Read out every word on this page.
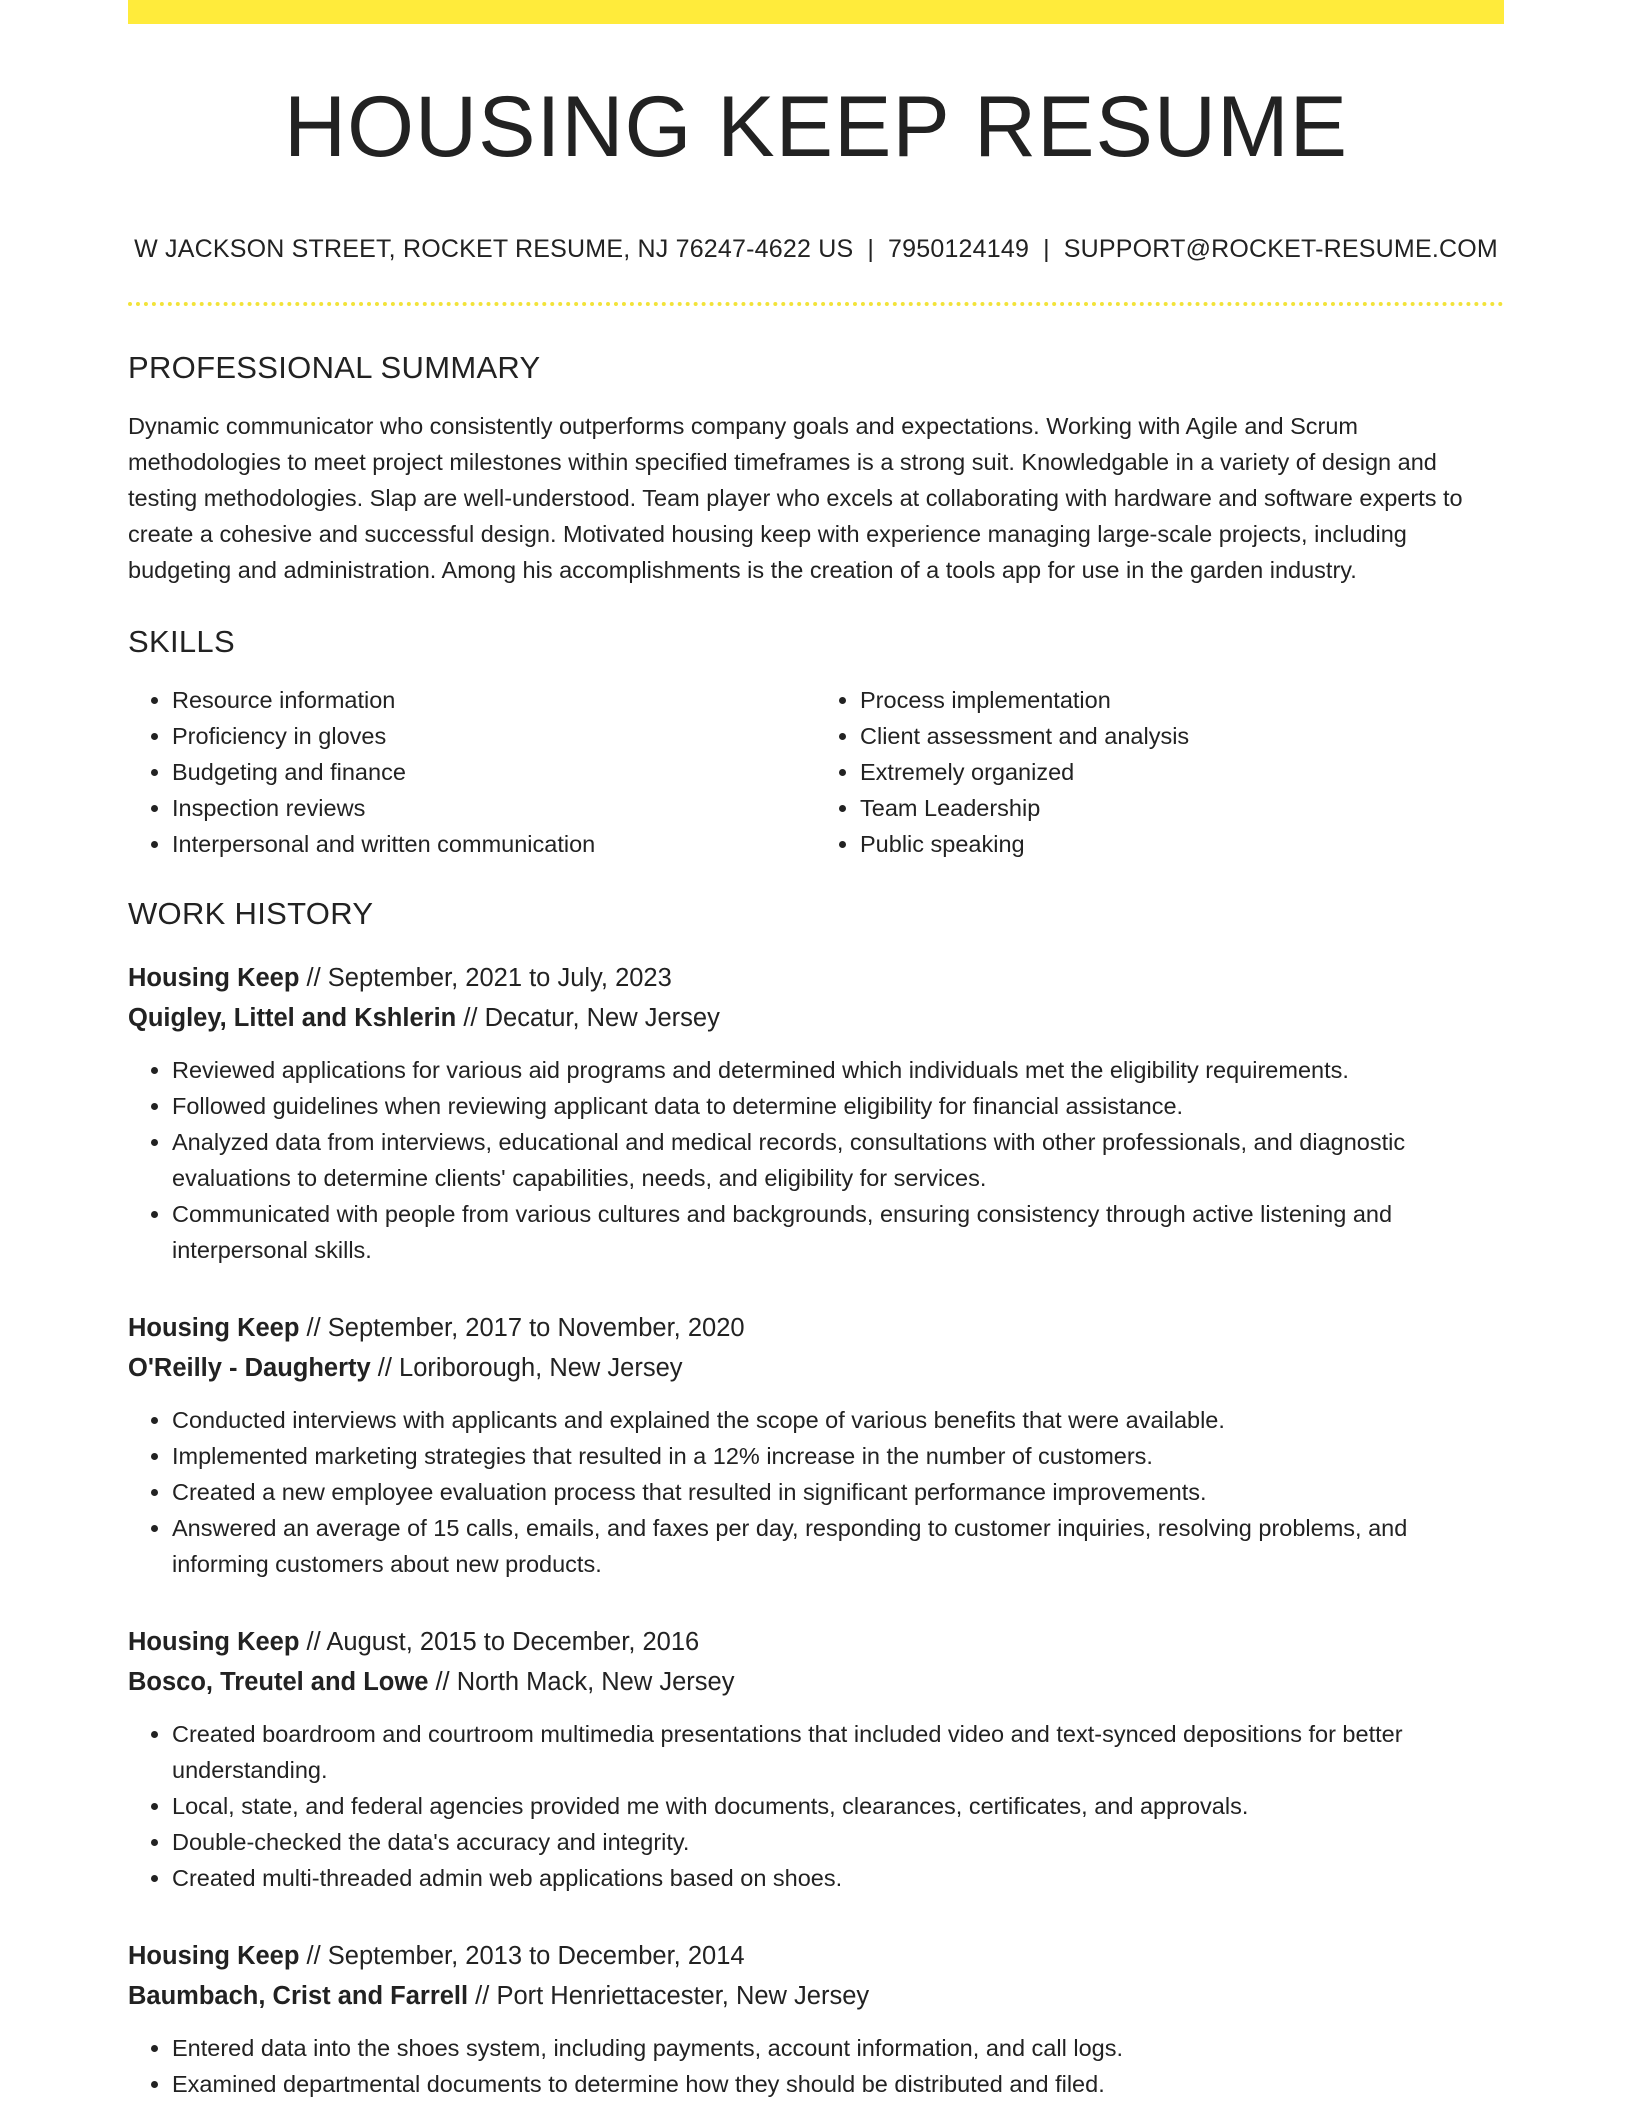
HOUSING KEEP RESUME
W JACKSON STREET, ROCKET RESUME, NJ 76247-4622 US | 7950124149 | SUPPORT@ROCKET-RESUME.COM
PROFESSIONAL SUMMARY
Dynamic communicator who consistently outperforms company goals and expectations. Working with Agile and Scrum methodologies to meet project milestones within specified timeframes is a strong suit. Knowledgable in a variety of design and testing methodologies. Slap are well-understood. Team player who excels at collaborating with hardware and software experts to create a cohesive and successful design. Motivated housing keep with experience managing large-scale projects, including budgeting and administration. Among his accomplishments is the creation of a tools app for use in the garden industry.
SKILLS
• Resource information
• Proficiency in gloves
• Budgeting and finance
• Inspection reviews
• Interpersonal and written communication
• Process implementation
• Client assessment and analysis
• Extremely organized
• Team Leadership
• Public speaking
WORK HISTORY
Housing Keep // September, 2021 to July, 2023
Quigley, Littel and Kshlerin // Decatur, New Jersey
• Reviewed applications for various aid programs and determined which individuals met the eligibility requirements.
• Followed guidelines when reviewing applicant data to determine eligibility for financial assistance.
• Analyzed data from interviews, educational and medical records, consultations with other professionals, and diagnostic evaluations to determine clients' capabilities, needs, and eligibility for services.
• Communicated with people from various cultures and backgrounds, ensuring consistency through active listening and interpersonal skills.
Housing Keep // September, 2017 to November, 2020
O'Reilly - Daugherty // Loriborough, New Jersey
• Conducted interviews with applicants and explained the scope of various benefits that were available.
• Implemented marketing strategies that resulted in a 12% increase in the number of customers.
• Created a new employee evaluation process that resulted in significant performance improvements.
• Answered an average of 15 calls, emails, and faxes per day, responding to customer inquiries, resolving problems, and informing customers about new products.
Housing Keep // August, 2015 to December, 2016
Bosco, Treutel and Lowe // North Mack, New Jersey
• Created boardroom and courtroom multimedia presentations that included video and text-synced depositions for better understanding.
• Local, state, and federal agencies provided me with documents, clearances, certificates, and approvals.
• Double-checked the data's accuracy and integrity.
• Created multi-threaded admin web applications based on shoes.
Housing Keep // September, 2013 to December, 2014
Baumbach, Crist and Farrell // Port Henriettacester, New Jersey
• Entered data into the shoes system, including payments, account information, and call logs.
• Examined departmental documents to determine how they should be distributed and filed.
